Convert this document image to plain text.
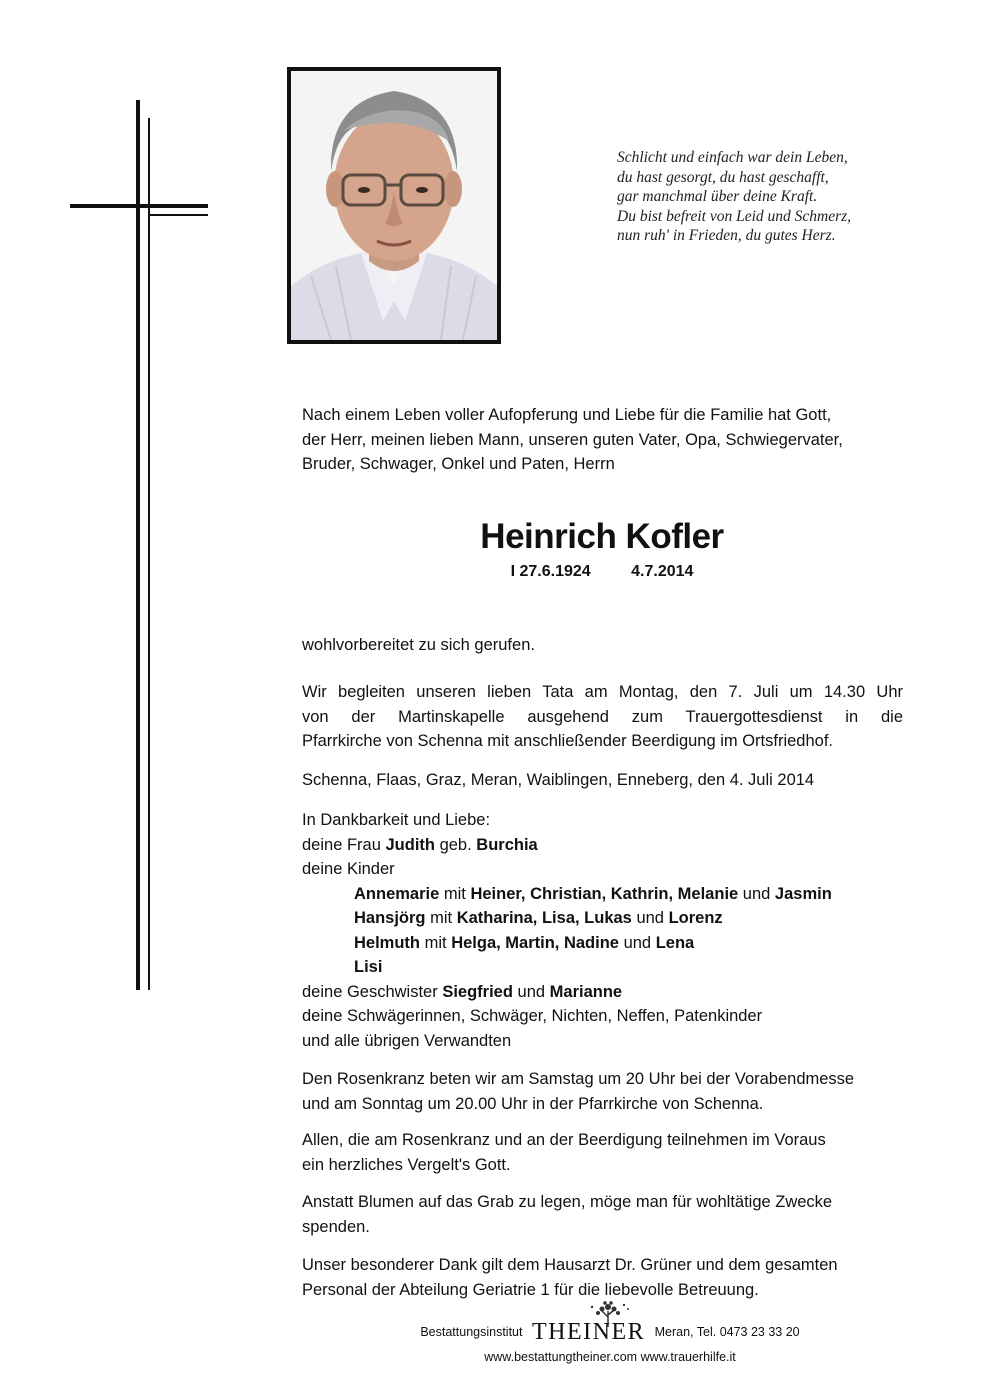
Schlicht und einfach war dein Leben,
du hast gesorgt, du hast geschafft,
gar manchmal über deine Kraft.
Du bist befreit von Leid und Schmerz,
nun ruh' in Frieden, du gutes Herz.
Nach einem Leben voller Aufopferung und Liebe für die Familie hat Gott,
der Herr, meinen lieben Mann, unseren guten Vater, Opa, Schwiegervater,
Bruder, Schwager, Onkel und Paten, Herrn
Heinrich Kofler
I 27.6.1924	4.7.2014
wohlvorbereitet zu sich gerufen.
Wir begleiten unseren lieben Tata am Montag, den 7. Juli um 14.30 Uhr
von der Martinskapelle ausgehend zum Trauergottesdienst in die
Pfarrkirche von Schenna mit anschließender Beerdigung im Ortsfriedhof.
Schenna, Flaas, Graz, Meran, Waiblingen, Enneberg, den 4. Juli 2014
In Dankbarkeit und Liebe:
deine Frau Judith geb. Burchia
deine Kinder
Annemarie mit Heiner, Christian, Kathrin, Melanie und Jasmin
Hansjörg mit Katharina, Lisa, Lukas und Lorenz
Helmuth mit Helga, Martin, Nadine und Lena
Lisi
deine Geschwister Siegfried und Marianne
deine Schwägerinnen, Schwäger, Nichten, Neffen, Patenkinder
und alle übrigen Verwandten
Den Rosenkranz beten wir am Samstag um 20 Uhr bei der Vorabendmesse
und am Sonntag um 20.00 Uhr in der Pfarrkirche von Schenna.
Allen, die am Rosenkranz und an der Beerdigung teilnehmen im Voraus
ein herzliches Vergelt's Gott.
Anstatt Blumen auf das Grab zu legen, möge man für wohltätige Zwecke
spenden.
Unser besonderer Dank gilt dem Hausarzt Dr. Grüner und dem gesamten
Personal der Abteilung Geriatrie 1 für die liebevolle Betreuung.
Bestattungsinstitut THEINER Meran, Tel. 0473 23 33 20
www.bestattungtheiner.com www.trauerhilfe.it
